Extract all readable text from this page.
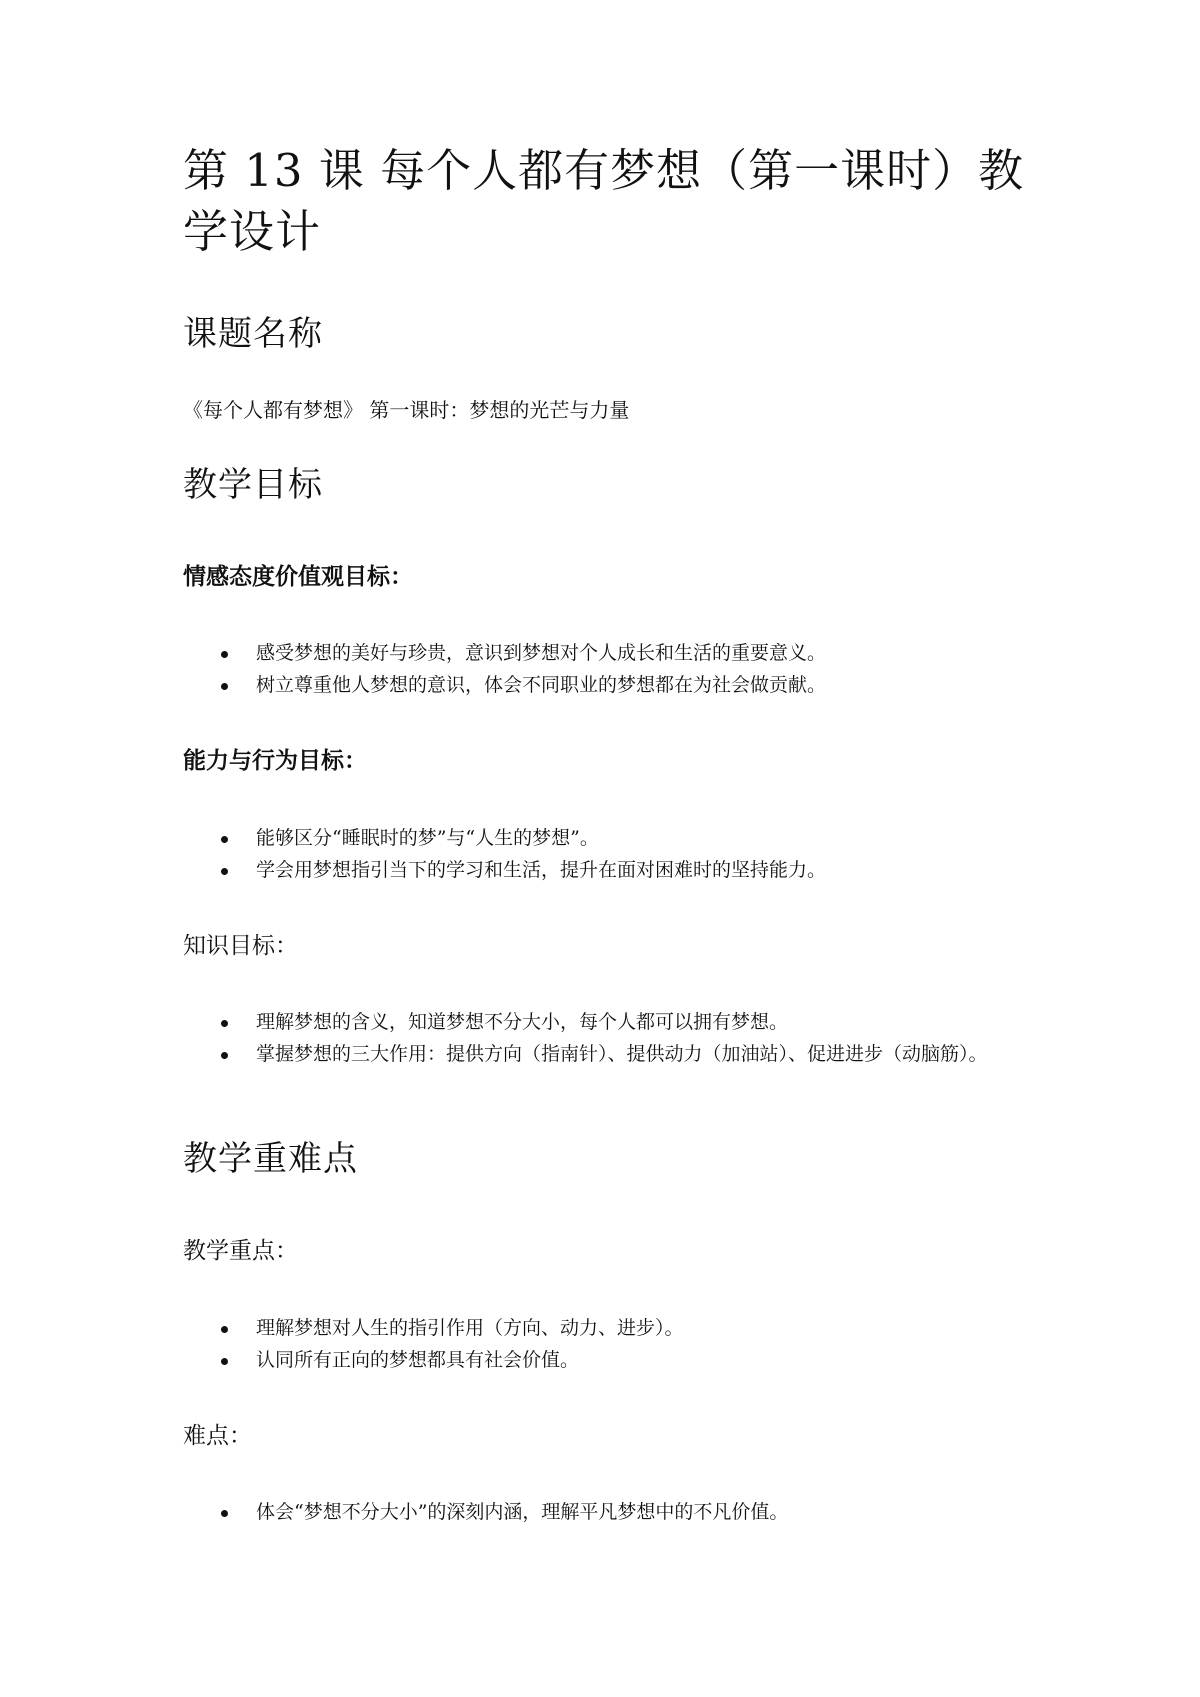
第 13 课 每个人都有梦想（第一课时）教学设计
课题名称

《每个人都有梦想》 第一课时：梦想的光芒与力量

教学目标
情感态度价值观目标：
感受梦想的美好与珍贵，意识到梦想对个人成长和生活的重要意义。
树立尊重他人梦想的意识，体会不同职业的梦想都在为社会做贡献。
能力与行为目标：
能够区分“睡眠时的梦”与“人生的梦想”。
学会用梦想指引当下的学习和生活，提升在面对困难时的坚持能力。
知识目标：
理解梦想的含义，知道梦想不分大小，每个人都可以拥有梦想。
掌握梦想的三大作用：提供方向（指南针）、提供动力（加油站）、促进进步（动脑筋）。
教学重难点
教学重点：
理解梦想对人生的指引作用（方向、动力、进步）。
认同所有正向的梦想都具有社会价值。
难点：
体会“梦想不分大小”的深刻内涵，理解平凡梦想中的不凡价值。
